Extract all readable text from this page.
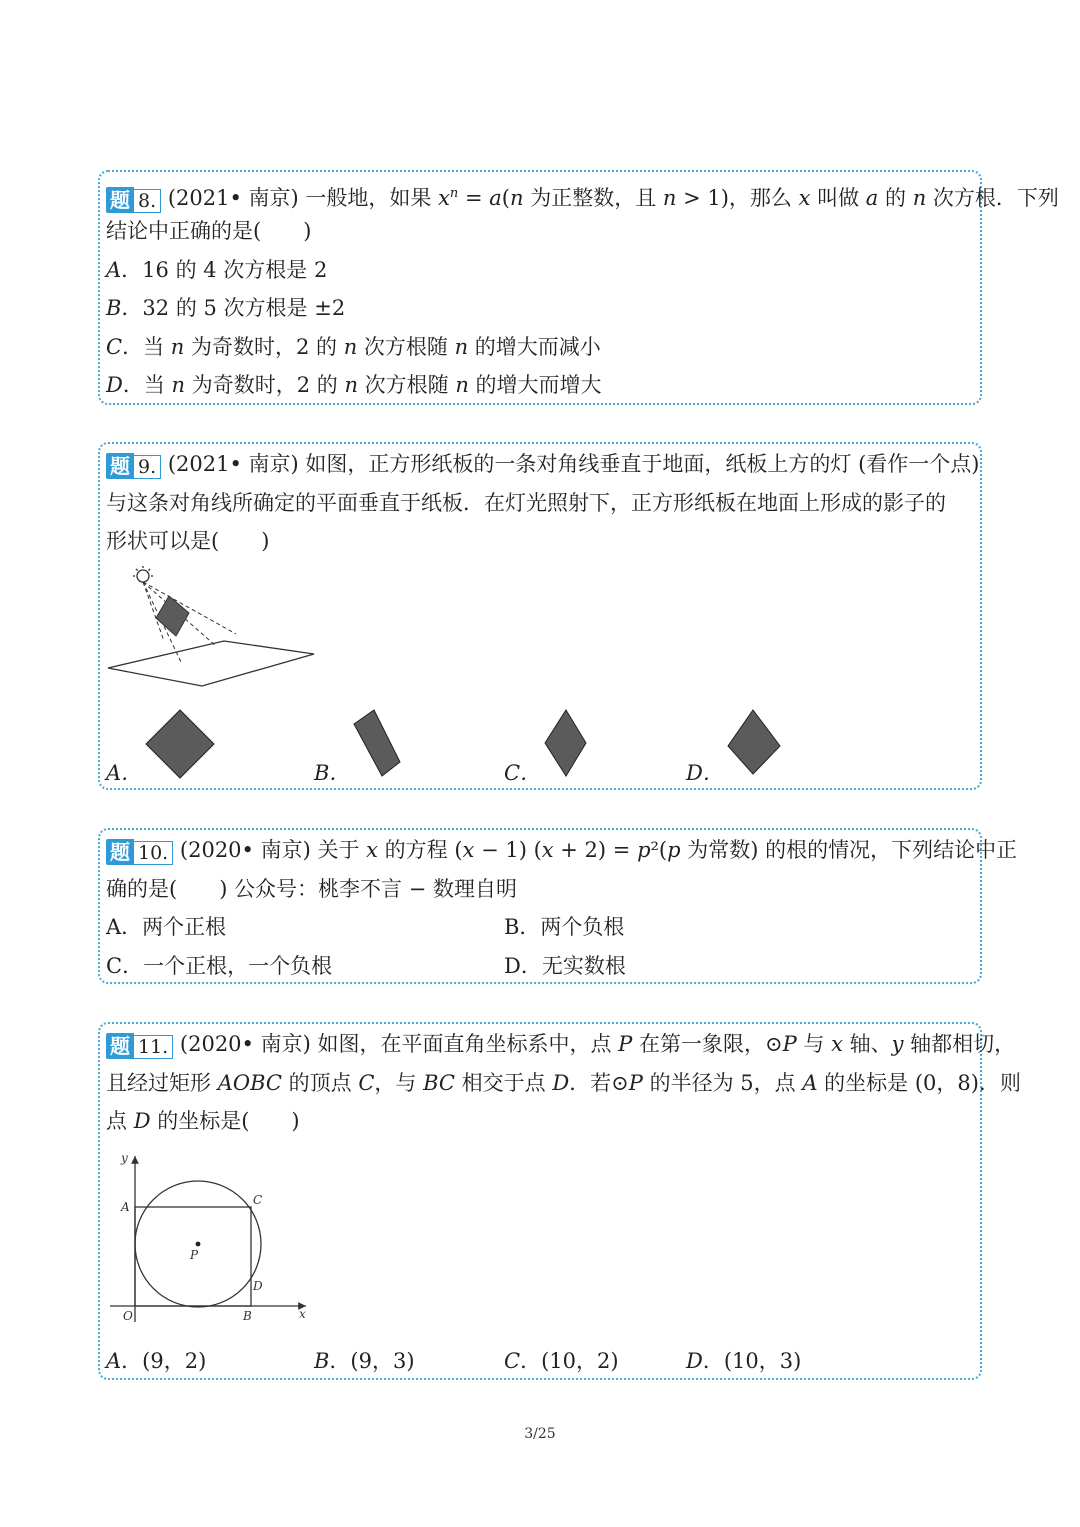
题 8. (2021• 南京) 一般地，如果 $x^n = a(n$ 为正整数，且 n > 1)，那么 x 叫做 a 的 n 次方根．下列
结论中正确的是(　　)
A．16 的 4 次方根是 2
B．32 的 5 次方根是 ±2
C．当 n 为奇数时，2 的 n 次方根随 n 的增大而减小
D．当 n 为奇数时，2 的 n 次方根随 n 的增大而增大
题 9. (2021• 南京) 如图，正方形纸板的一条对角线垂直于地面，纸板上方的灯 (看作一个点)
与这条对角线所确定的平面垂直于纸板．在灯光照射下，正方形纸板在地面上形成的影子的
形状可以是(　　)
A．	B．	C．	D．
题 10. (2020• 南京) 关于 x 的方程 (x − 1) (x + 2) = p²(p 为常数) 的根的情况，下列结论中正
确的是(　　) 公众号：桃李不言 − 数理自明
A．两个正根	B．两个负根
C．一个正根，一个负根	D．无实数根
题 11. (2020• 南京) 如图，在平面直角坐标系中，点 P 在第一象限，⊙P 与 x 轴、y 轴都相切，
且经过矩形 AOBC 的顶点 C，与 BC 相交于点 D．若⊙P 的半径为 5，点 A 的坐标是 (0，8)．则
点 D 的坐标是(　　)
y
A	C
P
D
O	B	x
A．(9，2)	B．(9，3)	C．(10，2)	D．(10，3)
3/25
